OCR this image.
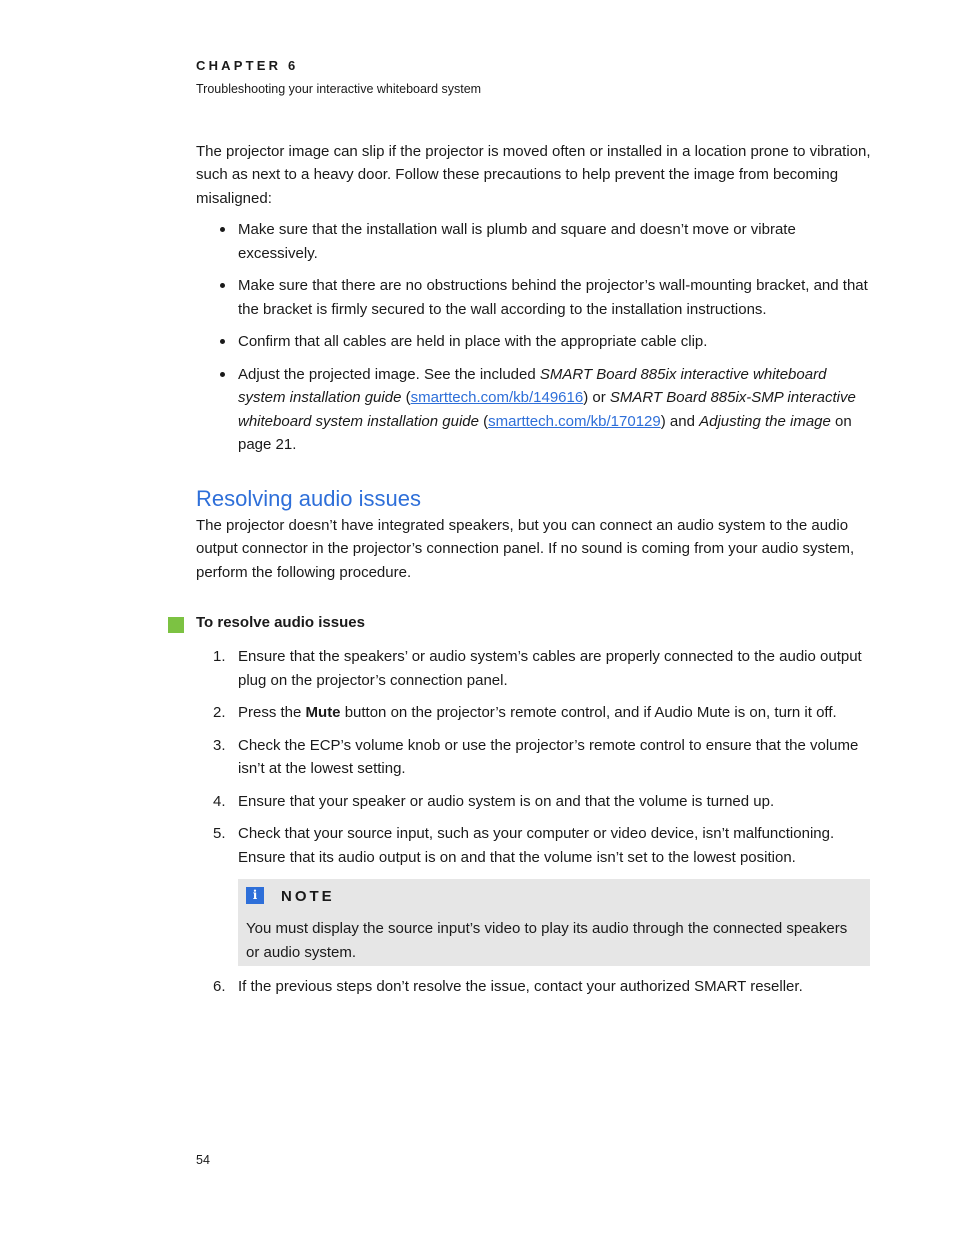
CHAPTER 6
Troubleshooting your interactive whiteboard system

The projector image can slip if the projector is moved often or installed in a location prone to vibration, such as next to a heavy door. Follow these precautions to help prevent the image from becoming misaligned:

Make sure that the installation wall is plumb and square and doesn’t move or vibrate excessively.
Make sure that there are no obstructions behind the projector’s wall-mounting bracket, and that the bracket is firmly secured to the wall according to the installation instructions.
Confirm that all cables are held in place with the appropriate cable clip.
Adjust the projected image. See the included SMART Board 885ix interactive whiteboard system installation guide (smarttech.com/kb/149616) or SMART Board 885ix-SMP interactive whiteboard system installation guide (smarttech.com/kb/170129) and Adjusting the image on page 21.
Resolving audio issues

The projector doesn’t have integrated speakers, but you can connect an audio system to the audio output connector in the projector’s connection panel. If no sound is coming from your audio system, perform the following procedure.

To resolve audio issues
1. Ensure that the speakers’ or audio system’s cables are properly connected to the audio output plug on the projector’s connection panel.
2. Press the Mute button on the projector’s remote control, and if Audio Mute is on, turn it off.
3. Check the ECP’s volume knob or use the projector’s remote control to ensure that the volume isn’t at the lowest setting.
4. Ensure that your speaker or audio system is on and that the volume is turned up.
5. Check that your source input, such as your computer or video device, isn’t malfunctioning. Ensure that its audio output is on and that the volume isn’t set to the lowest position.
i	NOTE
You must display the source input’s video to play its audio through the connected speakers or audio system.
6. If the previous steps don’t resolve the issue, contact your authorized SMART reseller.
54
